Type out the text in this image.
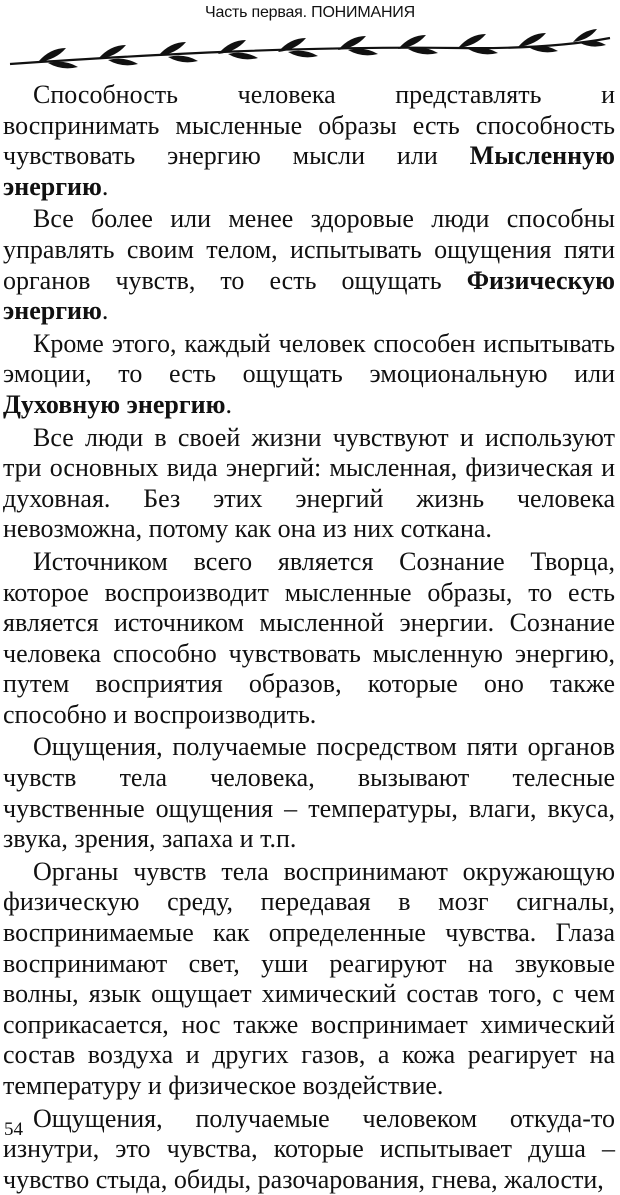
Часть первая. ПОНИМАНИЯ

Способность человека представлять и воспринимать мысленные образы есть способность чувствовать энергию мысли или Мысленную энергию.

Все более или менее здоровые люди способны управлять своим телом, испытывать ощущения пяти органов чувств, то есть ощущать Физическую энергию.

Кроме этого, каждый человек способен испытывать эмоции, то есть ощущать эмоциональную или Духовную энергию.

Все люди в своей жизни чувствуют и используют три основных вида энергий: мысленная, физическая и духовная. Без этих энергий жизнь человека невозможна, потому как она из них соткана.

Источником всего является Сознание Творца, которое воспроизводит мысленные образы, то есть является источником мысленной энергии. Сознание человека способно чувствовать мысленную энергию, путем восприятия образов, которые оно также способно и воспроизводить.

Ощущения, получаемые посредством пяти органов чувств тела человека, вызывают телесные чувственные ощущения – температуры, влаги, вкуса, звука, зрения, запаха и т.п.

Органы чувств тела воспринимают окружающую физическую среду, передавая в мозг сигналы, воспринимаемые как определенные чувства. Глаза воспринимают свет, уши реагируют на звуковые волны, язык ощущает химический состав того, с чем соприкасается, нос также воспринимает химический состав воздуха и других газов, а кожа реагирует на температуру и физическое воздействие.

Ощущения, получаемые человеком откуда-то изнутри, это чувства, которые испытывает душа – чувство стыда, обиды, разочарования, гнева, жалости,

54
